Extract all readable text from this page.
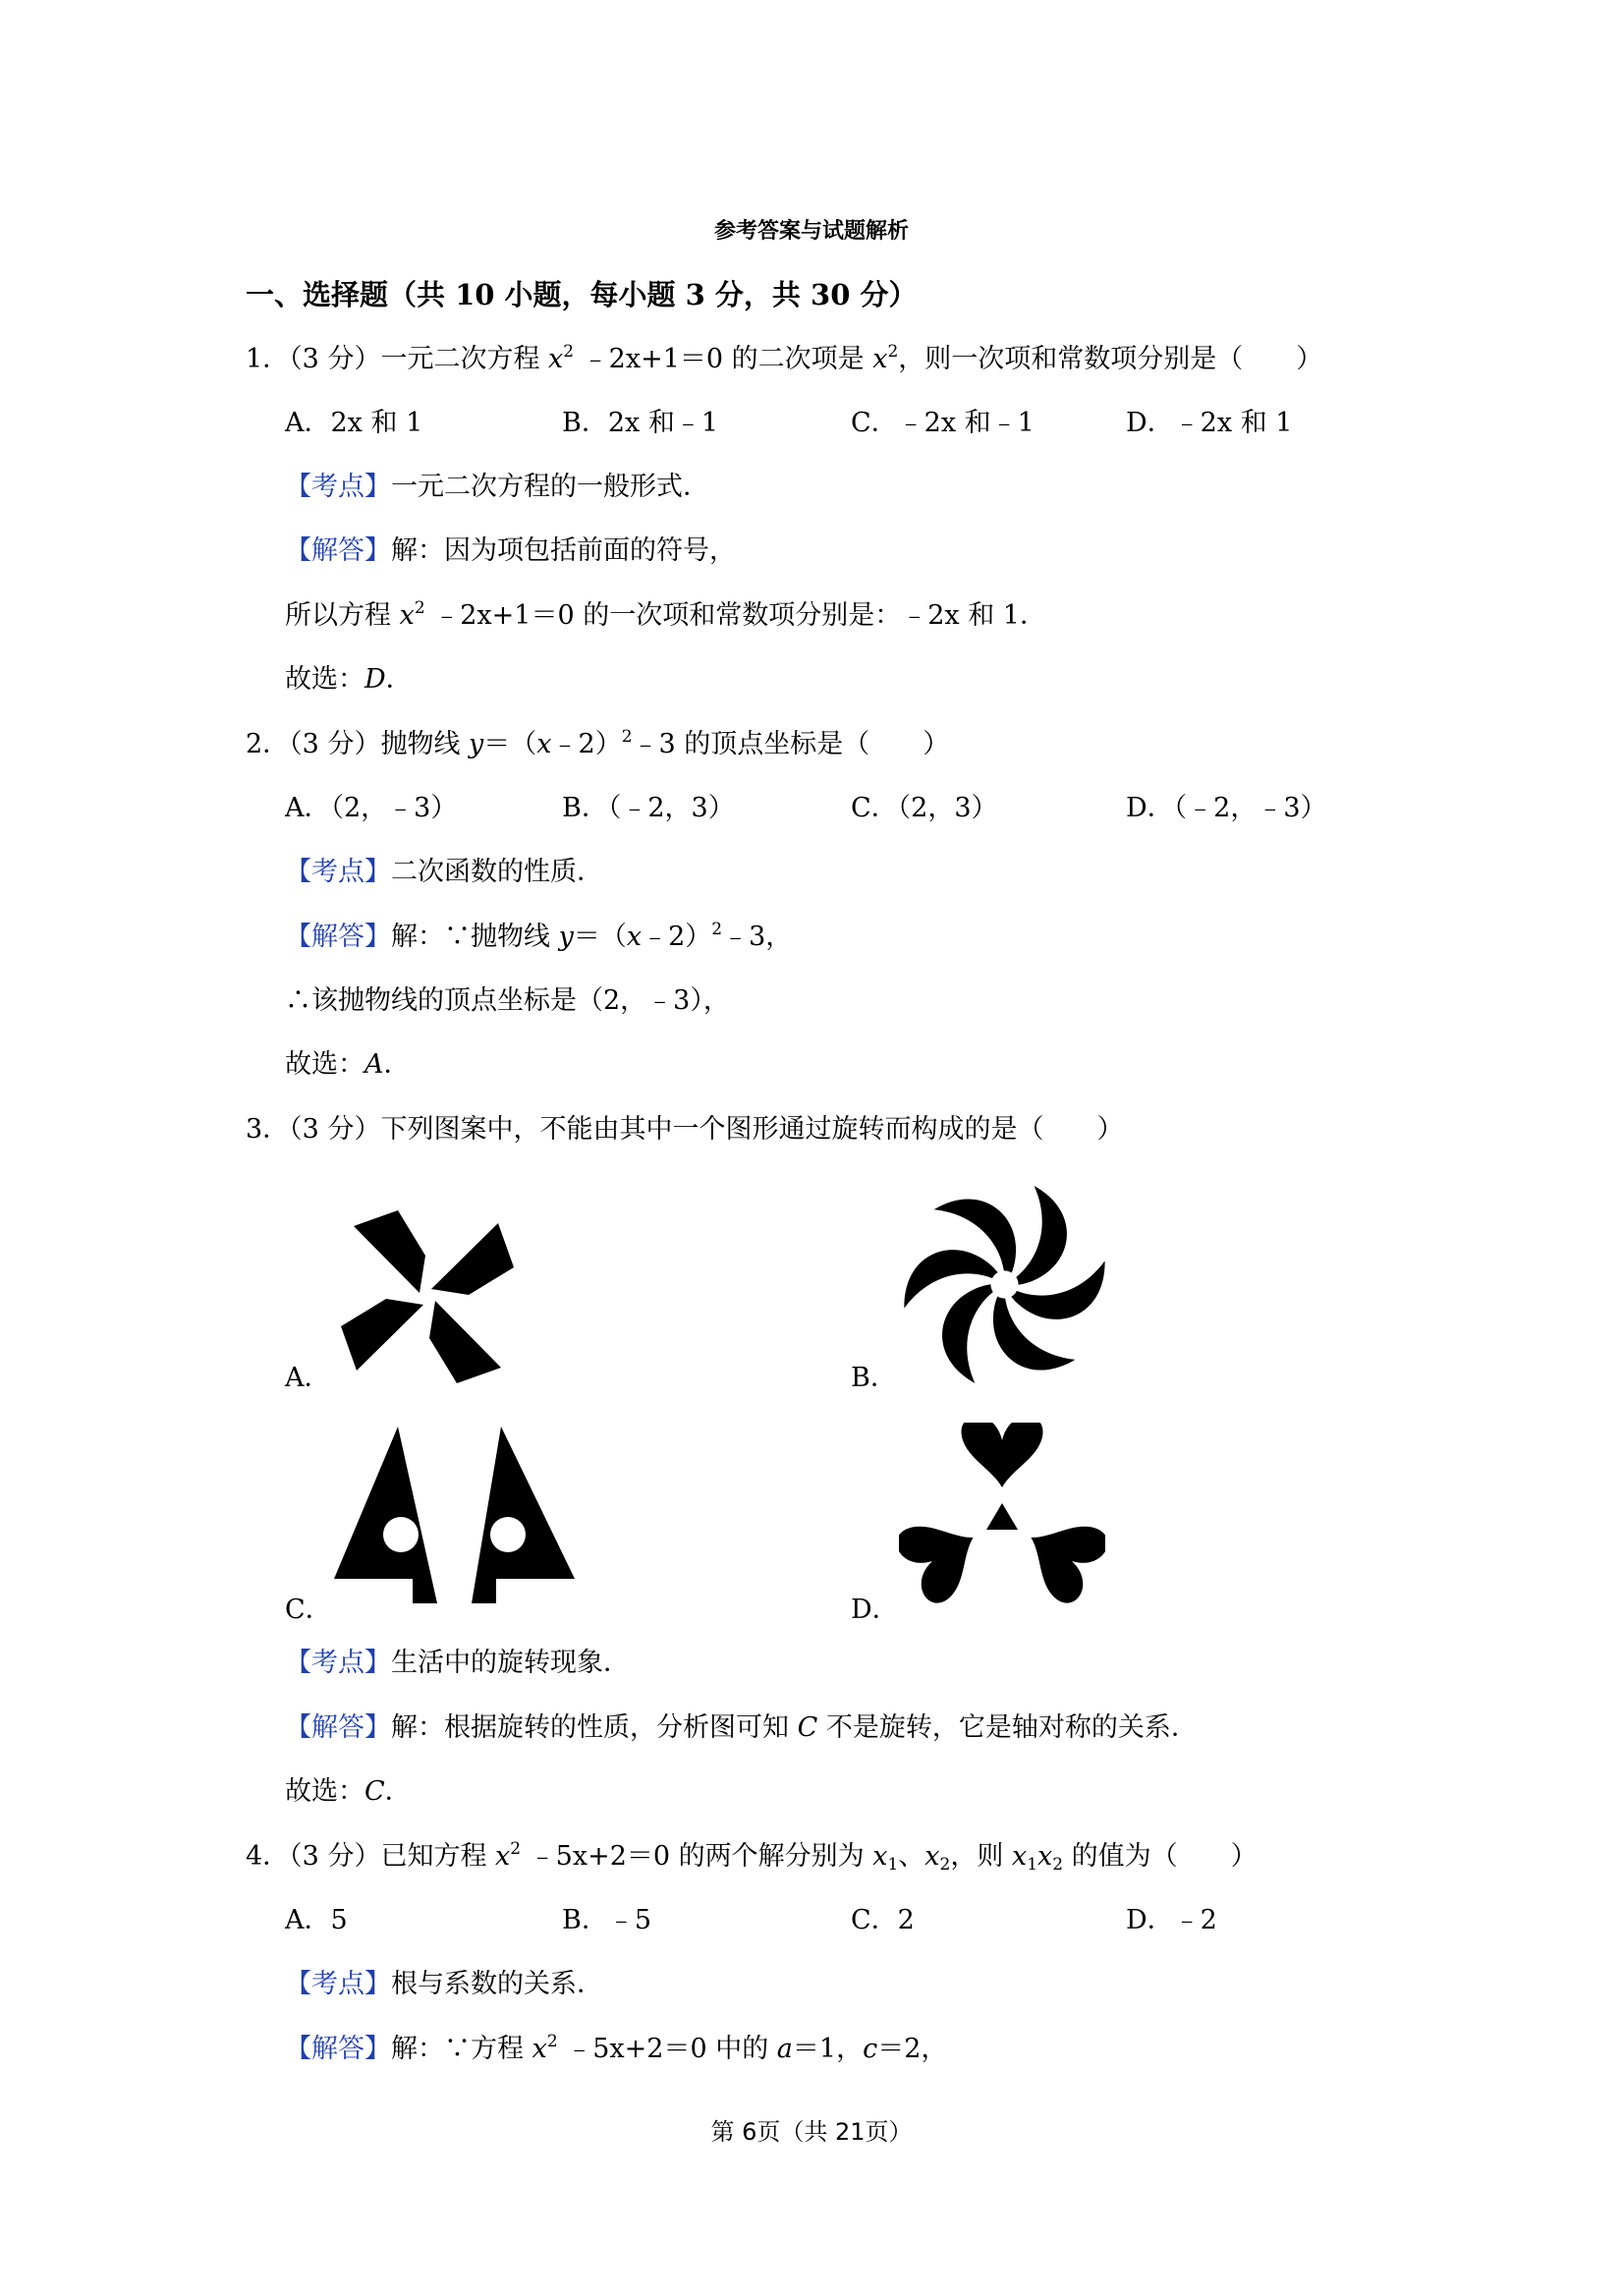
参考答案与试题解析
一、选择题（共 10 小题，每小题 3 分，共 30 分）
1．（3 分）一元二次方程 $x^2$ ﹣2x+1＝0 的二次项是 $x^2$，则一次项和常数项分别是（　　）
A．2x 和 1	B．2x 和﹣1	C．﹣2x 和﹣1	D．﹣2x 和 1
【考点】一元二次方程的一般形式．
【解答】解：因为项包括前面的符号，
所以方程 $x^2$ ﹣2x+1＝0 的一次项和常数项分别是：﹣2x 和 1．
故选：D．
2．（3 分）抛物线 y＝（x﹣2）$^2$﹣3 的顶点坐标是（　　）
A．（2，﹣3）	B．（﹣2，3）	C．（2，3）	D．（﹣2，﹣3）
【考点】二次函数的性质．
【解答】解：∵抛物线 y＝（x﹣2）$^2$﹣3，
∴该抛物线的顶点坐标是（2，﹣3），
故选：A．
3．（3 分）下列图案中，不能由其中一个图形通过旋转而构成的是（　　）
A．	B．
C．	D．
【考点】生活中的旋转现象．
【解答】解：根据旋转的性质，分析图可知 C 不是旋转，它是轴对称的关系．
故选：C．
4．（3 分）已知方程 $x^2$ ﹣5x+2＝0 的两个解分别为 $x_1$、$x_2$，则 $x_1x_2$ 的值为（　　）
A．5	B．﹣5	C．2	D．﹣2
【考点】根与系数的关系．
【解答】解：∵方程 $x^2$ ﹣5x+2＝0 中的 a＝1，c＝2，
第 6页（共 21页）
